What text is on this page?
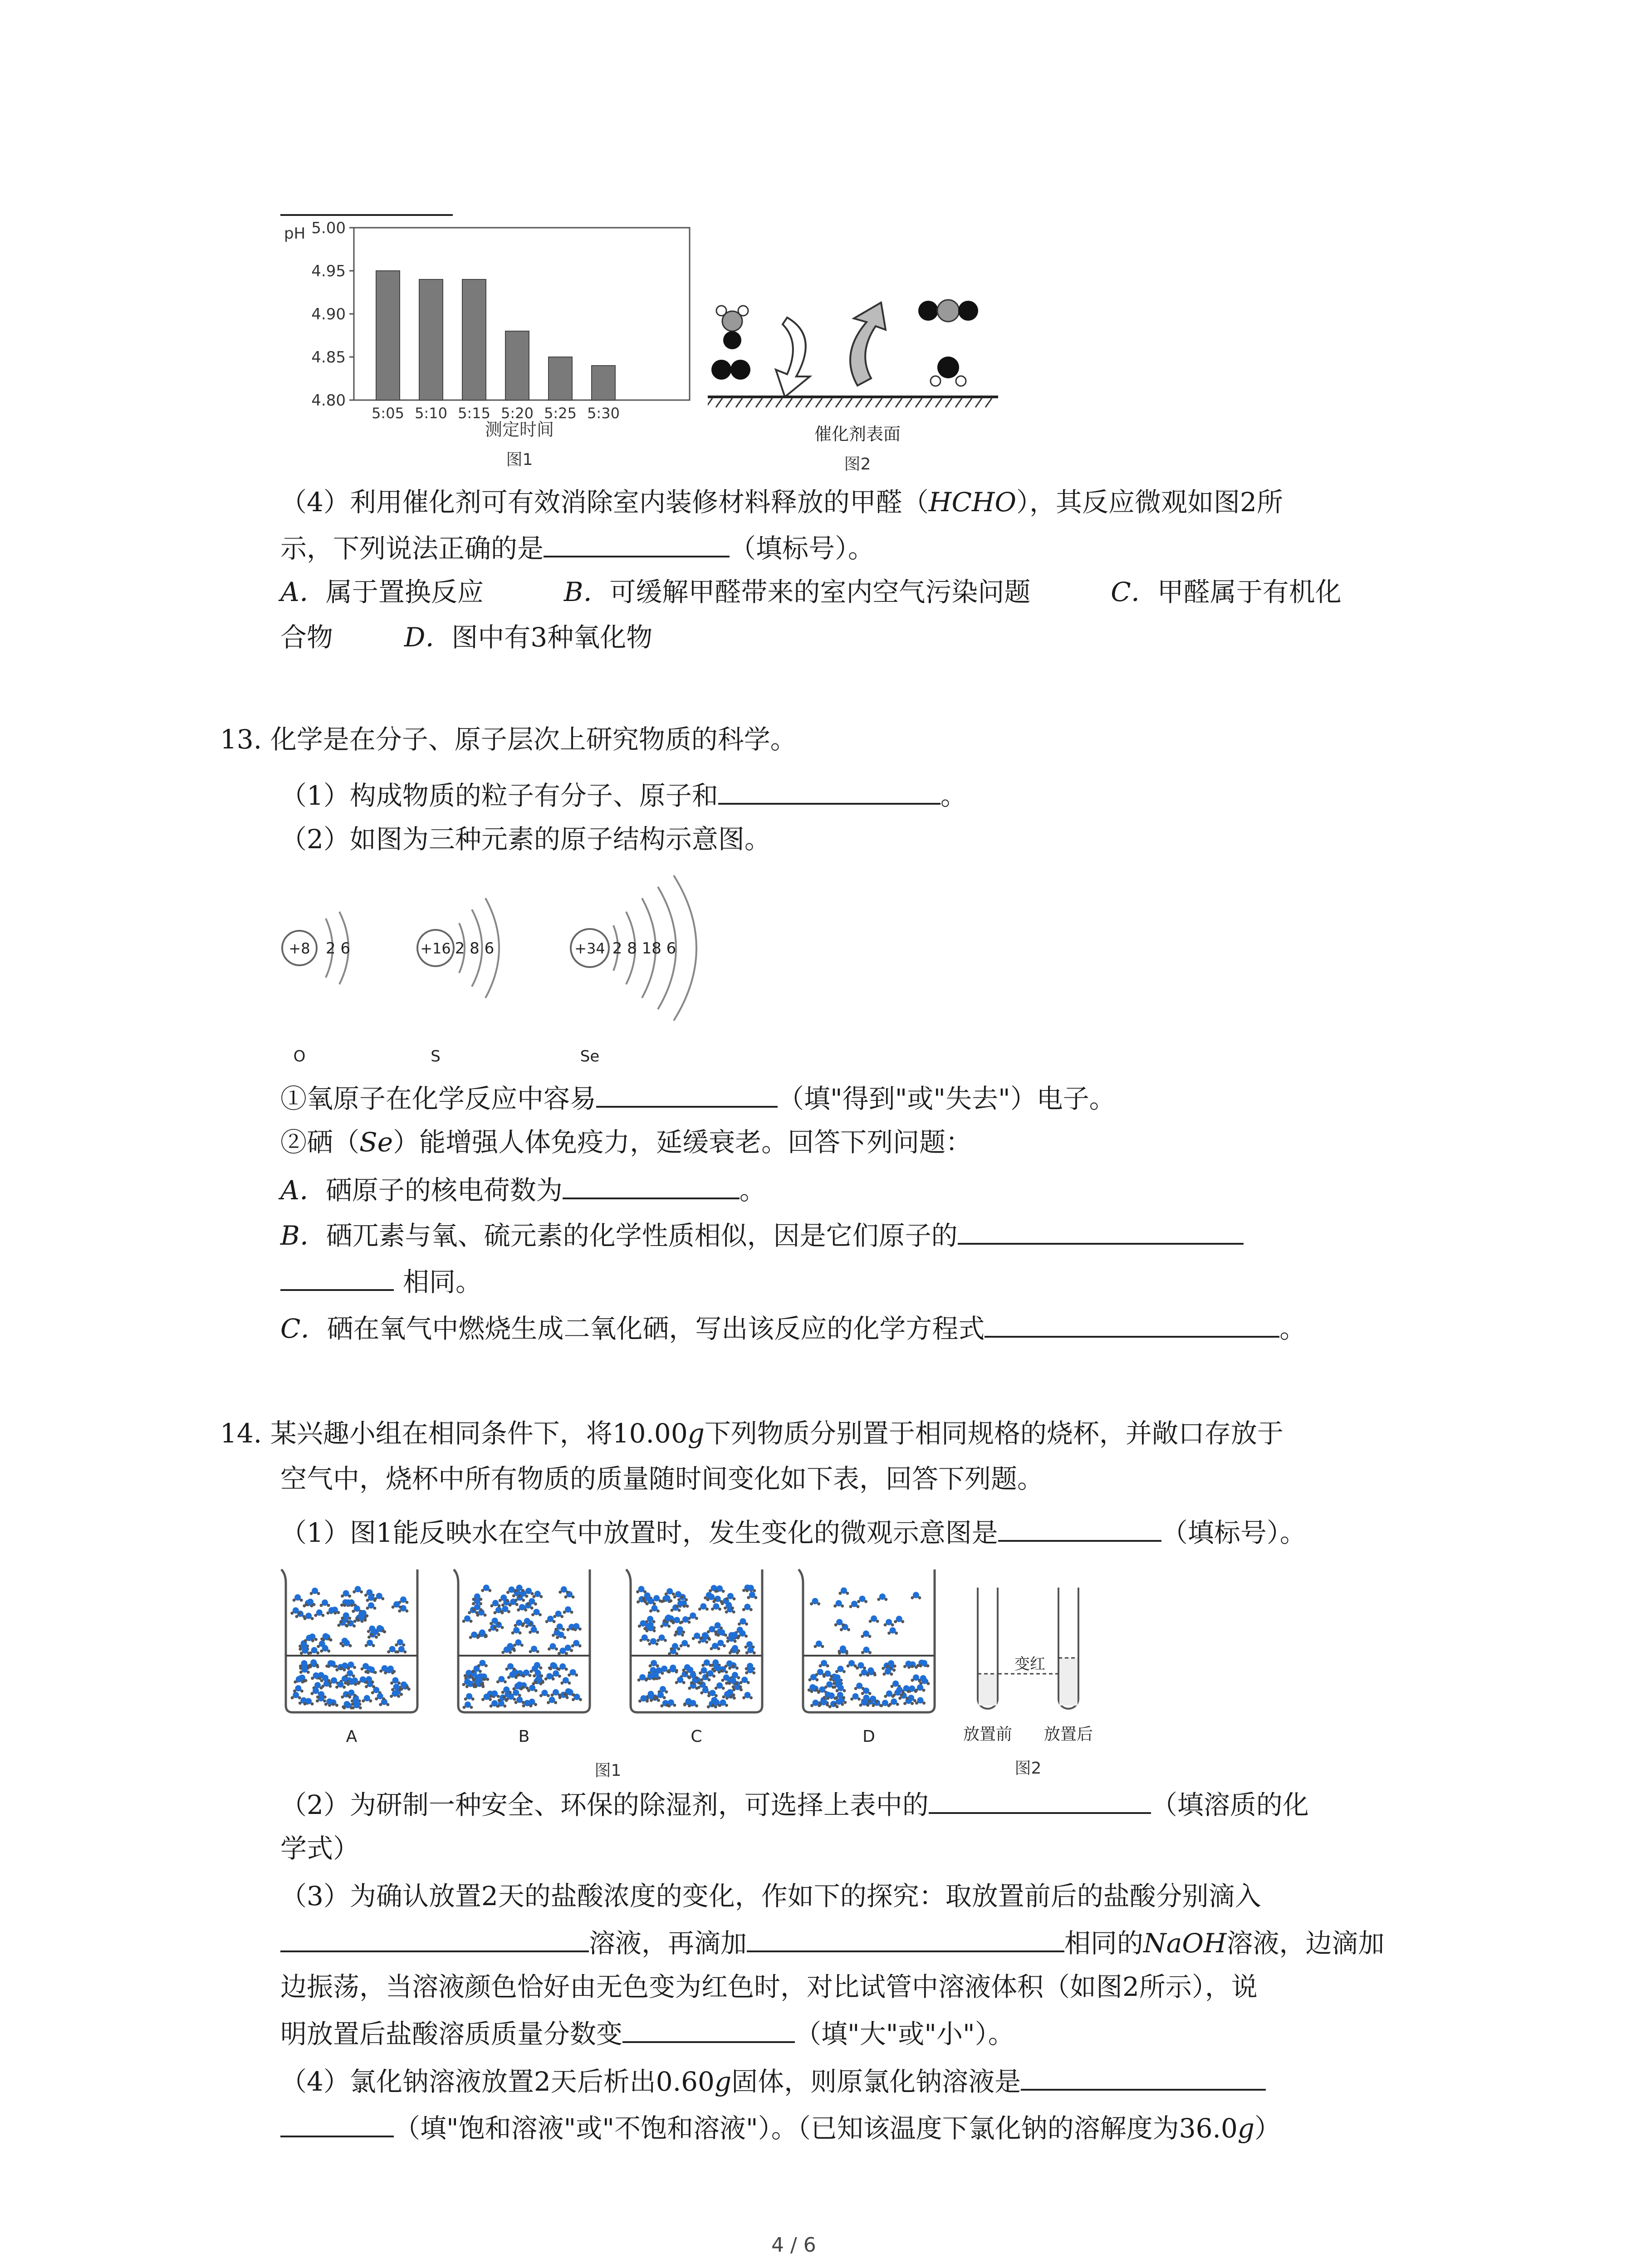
pH 5.00
4.95
4.90
4.85
4.80
5:05 5:10 5:15 5:20 5:25 5:30
测定时间
图1
催化剂表面
图2
（4）利用催化剂可有效消除室内装修材料释放的甲醛（HCHO），其反应微观如图2所
示，下列说法正确的是	（填标号）。
A．属于置换反应	B．可缓解甲醛带来的室内空气污染问题	C．甲醛属于有机化
合物	D．图中有3种氧化物
13. 化学是在分子、原子层次上研究物质的科学。
（1）构成物质的粒子有分子、原子和	。
（2）如图为三种元素的原子结构示意图。
+8 2 6
O
+16 2 8 6
S
+34 2 8 18 6
Se
①氧原子在化学反应中容易	（填"得到"或"失去"）电子。
②硒（Se）能增强人体免疫力，延缓衰老。回答下列问题：
A．硒原子的核电荷数为	。
B．硒兀素与氧、硫元素的化学性质相似，因是它们原子的
相同。
C．硒在氧气中燃烧生成二氧化硒，写出该反应的化学方程式	。
14. 某兴趣小组在相同条件下，将10.00g下列物质分别置于相同规格的烧杯，并敞口存放于
空气中，烧杯中所有物质的质量随时间变化如下表，回答下列题。
（1）图1能反映水在空气中放置时，发生变化的微观示意图是	（填标号）。
A	B	C	D
图1
变红
放置前 放置后
图2
（2）为研制一种安全、环保的除湿剂，可选择上表中的	（填溶质的化
学式）
（3）为确认放置2天的盐酸浓度的变化，作如下的探究：取放置前后的盐酸分别滴入
溶液，再滴加	相同的NaOH溶液，边滴加
边振荡，当溶液颜色恰好由无色变为红色时，对比试管中溶液体积（如图2所示），说
明放置后盐酸溶质质量分数变	（填"大"或"小"）。
（4）氯化钠溶液放置2天后析出0.60g固体，则原氯化钠溶液是
（填"饱和溶液"或"不饱和溶液"）。（已知该温度下氯化钠的溶解度为36.0g）
4 / 6
